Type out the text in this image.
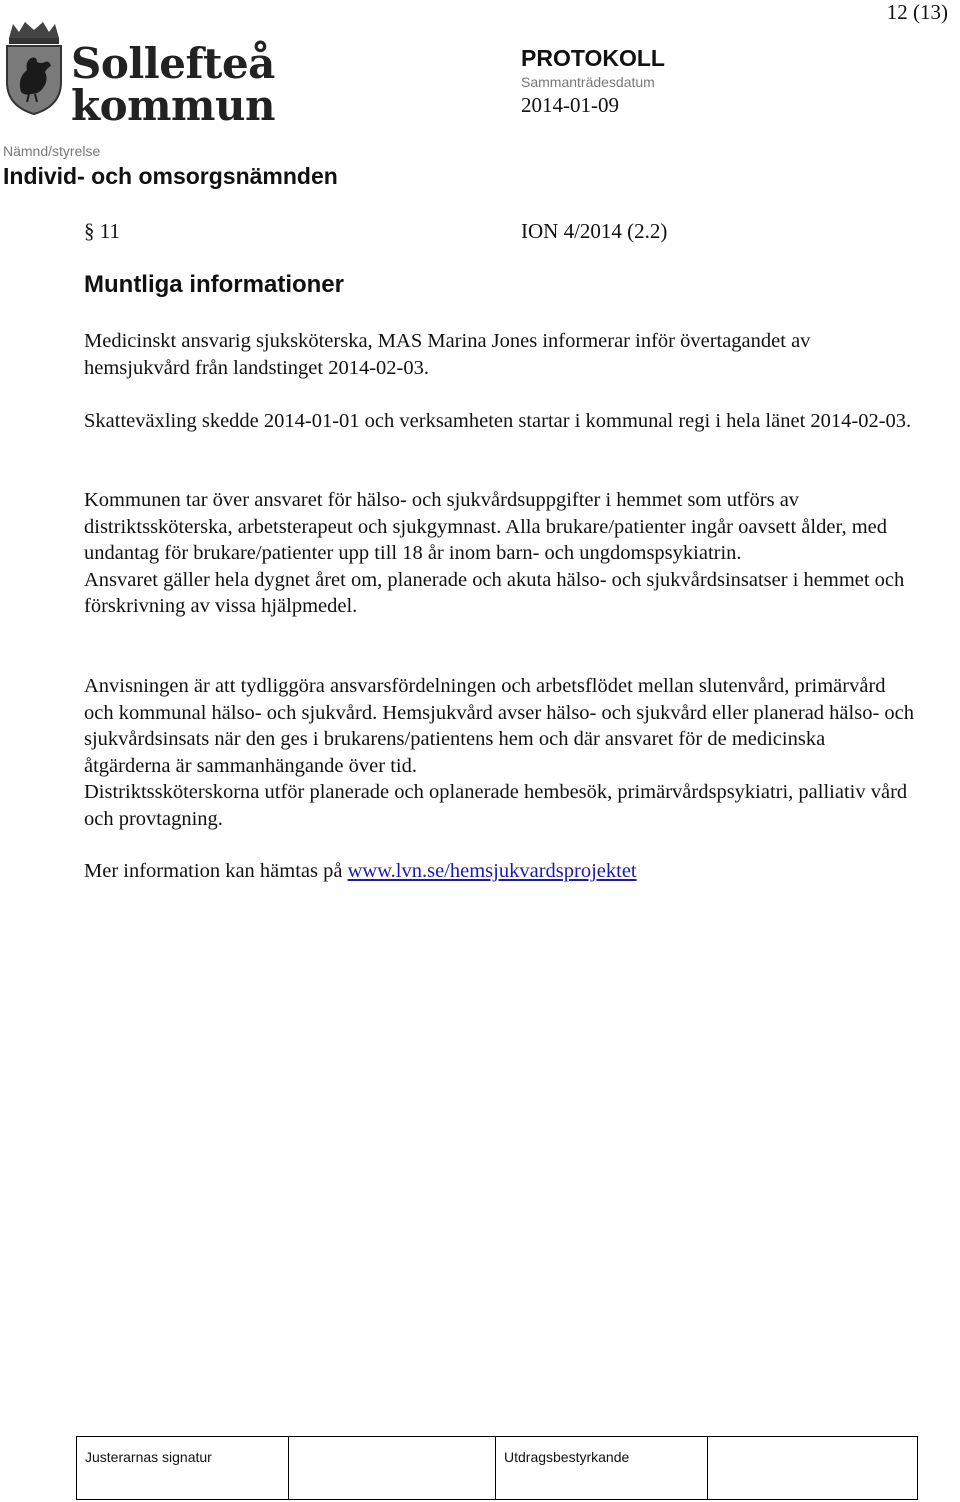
12 (13)
Sollefteå
kommun
PROTOKOLL
Sammanträdesdatum
2014-01-09
Nämnd/styrelse
Individ- och omsorgsnämnden
§ 11	ION 4/2014 (2.2)
Muntliga informationer
Medicinskt ansvarig sjuksköterska, MAS Marina Jones informerar inför övertagandet av hemsjukvård från landstinget 2014-02-03.
Skatteväxling skedde 2014-01-01 och verksamheten startar i kommunal regi i hela länet 2014-02-03.
Kommunen tar över ansvaret för hälso- och sjukvårdsuppgifter i hemmet som utförs av distriktssköterska, arbetsterapeut och sjukgymnast. Alla brukare/patienter ingår oavsett ålder, med undantag för brukare/patienter upp till 18 år inom barn- och ungdomspsykiatrin.
Ansvaret gäller hela dygnet året om, planerade och akuta hälso- och sjukvårdsinsatser i hemmet och förskrivning av vissa hjälpmedel.
Anvisningen är att tydliggöra ansvarsfördelningen och arbetsflödet mellan slutenvård, primärvård och kommunal hälso- och sjukvård. Hemsjukvård avser hälso- och sjukvård eller planerad hälso- och sjukvårdsinsats när den ges i brukarens/patientens hem och där ansvaret för de medicinska åtgärderna är sammanhängande över tid.
Distriktssköterskorna utför planerade och oplanerade hembesök, primärvårdspsykiatri, palliativ vård och provtagning.
Mer information kan hämtas på www.lvn.se/hemsjukvardsprojektet
Justerarnas signatur	Utdragsbestyrkande
